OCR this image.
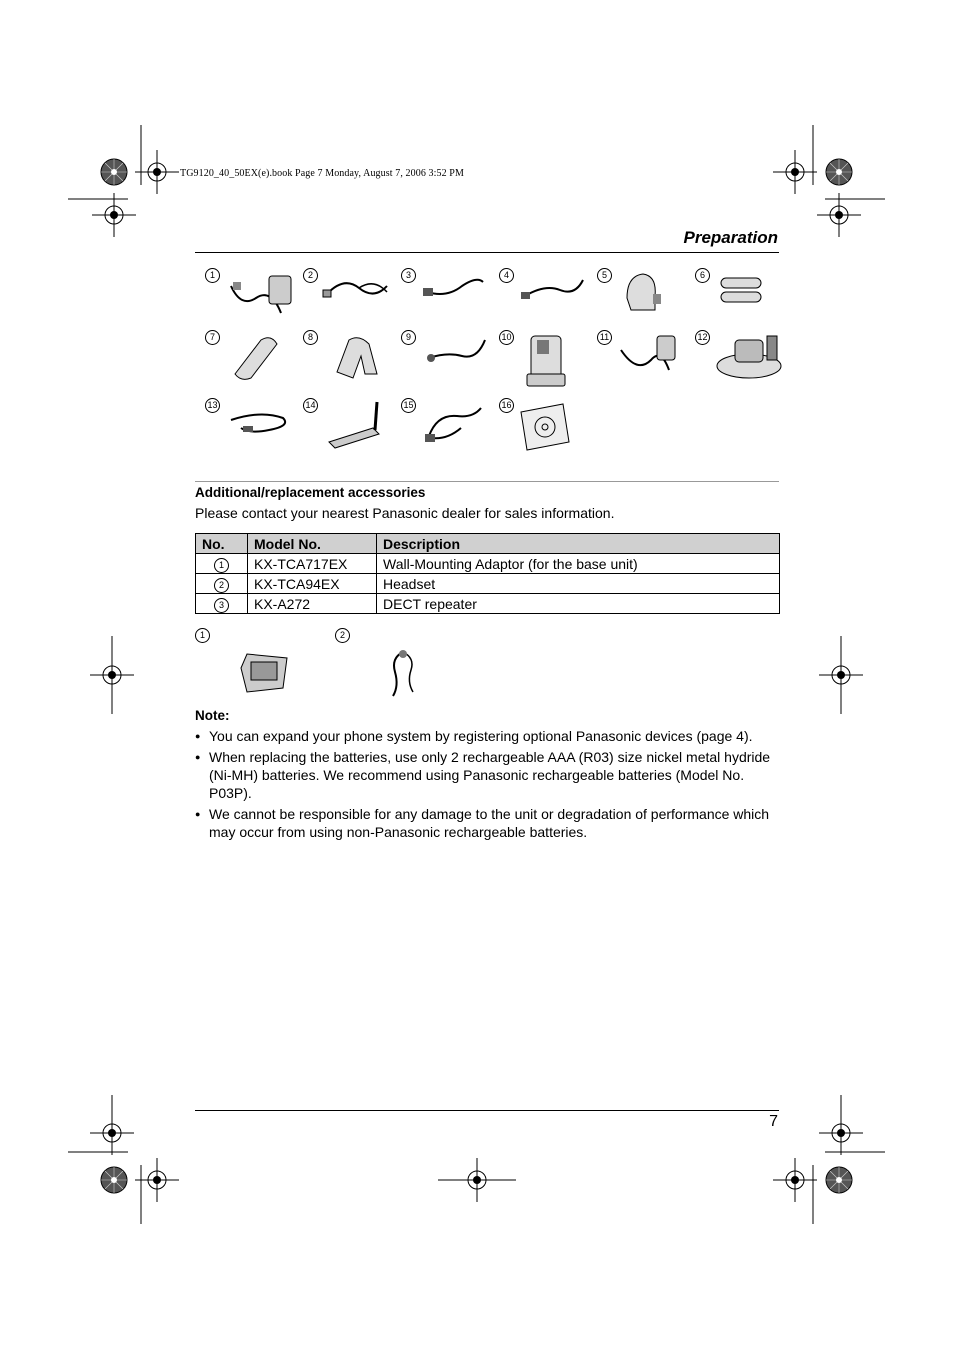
TG9120_40_50EX(e).book Page 7 Monday, August 7, 2006 3:52 PM
Preparation
1	2	3	4	5	6
7	8	9	10	11	12
13	14	15	16
Additional/replacement accessories
Please contact your nearest Panasonic dealer for sales information.
No.	Model No.	Description
1	KX-TCA717EX	Wall-Mounting Adaptor (for the base unit)
2	KX-TCA94EX	Headset
3	KX-A272	DECT repeater
1	2
Note:
● You can expand your phone system by registering optional Panasonic devices (page 4).
● When replacing the batteries, use only 2 rechargeable AAA (R03) size nickel metal hydride (Ni-MH) batteries. We recommend using Panasonic rechargeable batteries (Model No. P03P).
● We cannot be responsible for any damage to the unit or degradation of performance which may occur from using non-Panasonic rechargeable batteries.
7
